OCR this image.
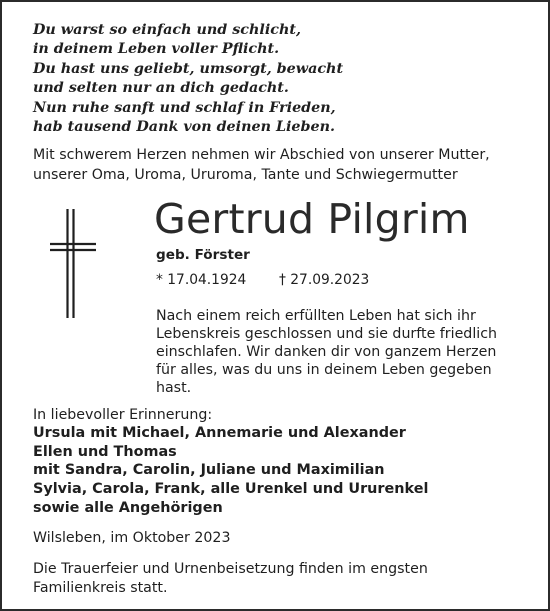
Du warst so einfach und schlicht,
in deinem Leben voller Pflicht.
Du hast uns geliebt, umsorgt, bewacht
und selten nur an dich gedacht.
Nun ruhe sanft und schlaf in Frieden,
hab tausend Dank von deinen Lieben.
Mit schwerem Herzen nehmen wir Abschied von unserer Mutter,
unserer Oma, Uroma, Ururoma, Tante und Schwiegermutter
Gertrud Pilgrim
geb. Förster
* 17.04.1924 † 27.09.2023
Nach einem reich erfüllten Leben hat sich ihr
Lebenskreis geschlossen und sie durfte friedlich
einschlafen. Wir danken dir von ganzem Herzen
für alles, was du uns in deinem Leben gegeben
hast.
In liebevoller Erinnerung:
Ursula mit Michael, Annemarie und Alexander
Ellen und Thomas
mit Sandra, Carolin, Juliane und Maximilian
Sylvia, Carola, Frank, alle Urenkel und Ururenkel
sowie alle Angehörigen
Wilsleben, im Oktober 2023
Die Trauerfeier und Urnenbeisetzung finden im engsten
Familienkreis statt.
